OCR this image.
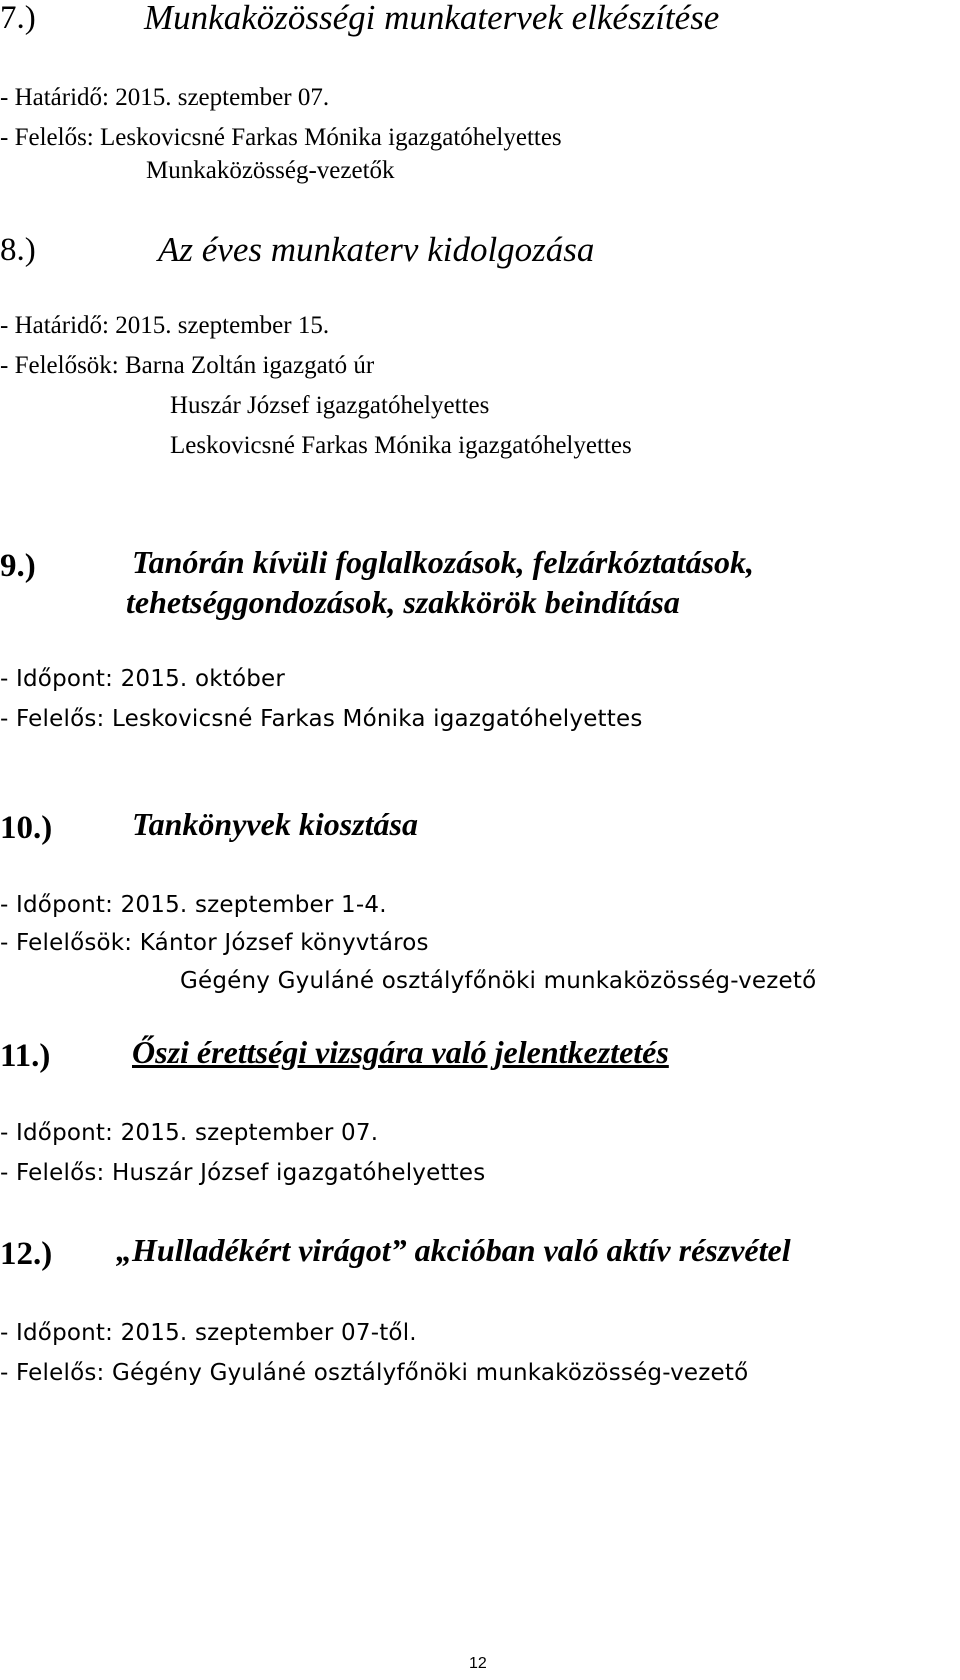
7.)	Munkaközösségi munkatervek elkészítése
- Határidő: 2015. szeptember 07.
- Felelős: Leskovicsné Farkas Mónika igazgatóhelyettes
Munkaközösség-vezetők
8.)	Az éves munkaterv kidolgozása
- Határidő: 2015. szeptember 15.
- Felelősök: Barna Zoltán igazgató úr
Huszár József igazgatóhelyettes
Leskovicsné Farkas Mónika igazgatóhelyettes
9.)	Tanórán kívüli foglalkozások, felzárkóztatások,
tehetséggondozások, szakkörök beindítása
- Időpont: 2015. október
- Felelős: Leskovicsné Farkas Mónika igazgatóhelyettes
10.) Tankönyvek kiosztása
- Időpont: 2015. szeptember 1-4.
- Felelősök: Kántor József könyvtáros
Gégény Gyuláné osztályfőnöki munkaközösség-vezető
11.)	Őszi érettségi vizsgára való jelentkeztetés
- Időpont: 2015. szeptember 07.
- Felelős: Huszár József igazgatóhelyettes
12.) „Hulladékért virágot” akcióban való aktív részvétel
- Időpont: 2015. szeptember 07-től.
- Felelős: Gégény Gyuláné osztályfőnöki munkaközösség-vezető
12
